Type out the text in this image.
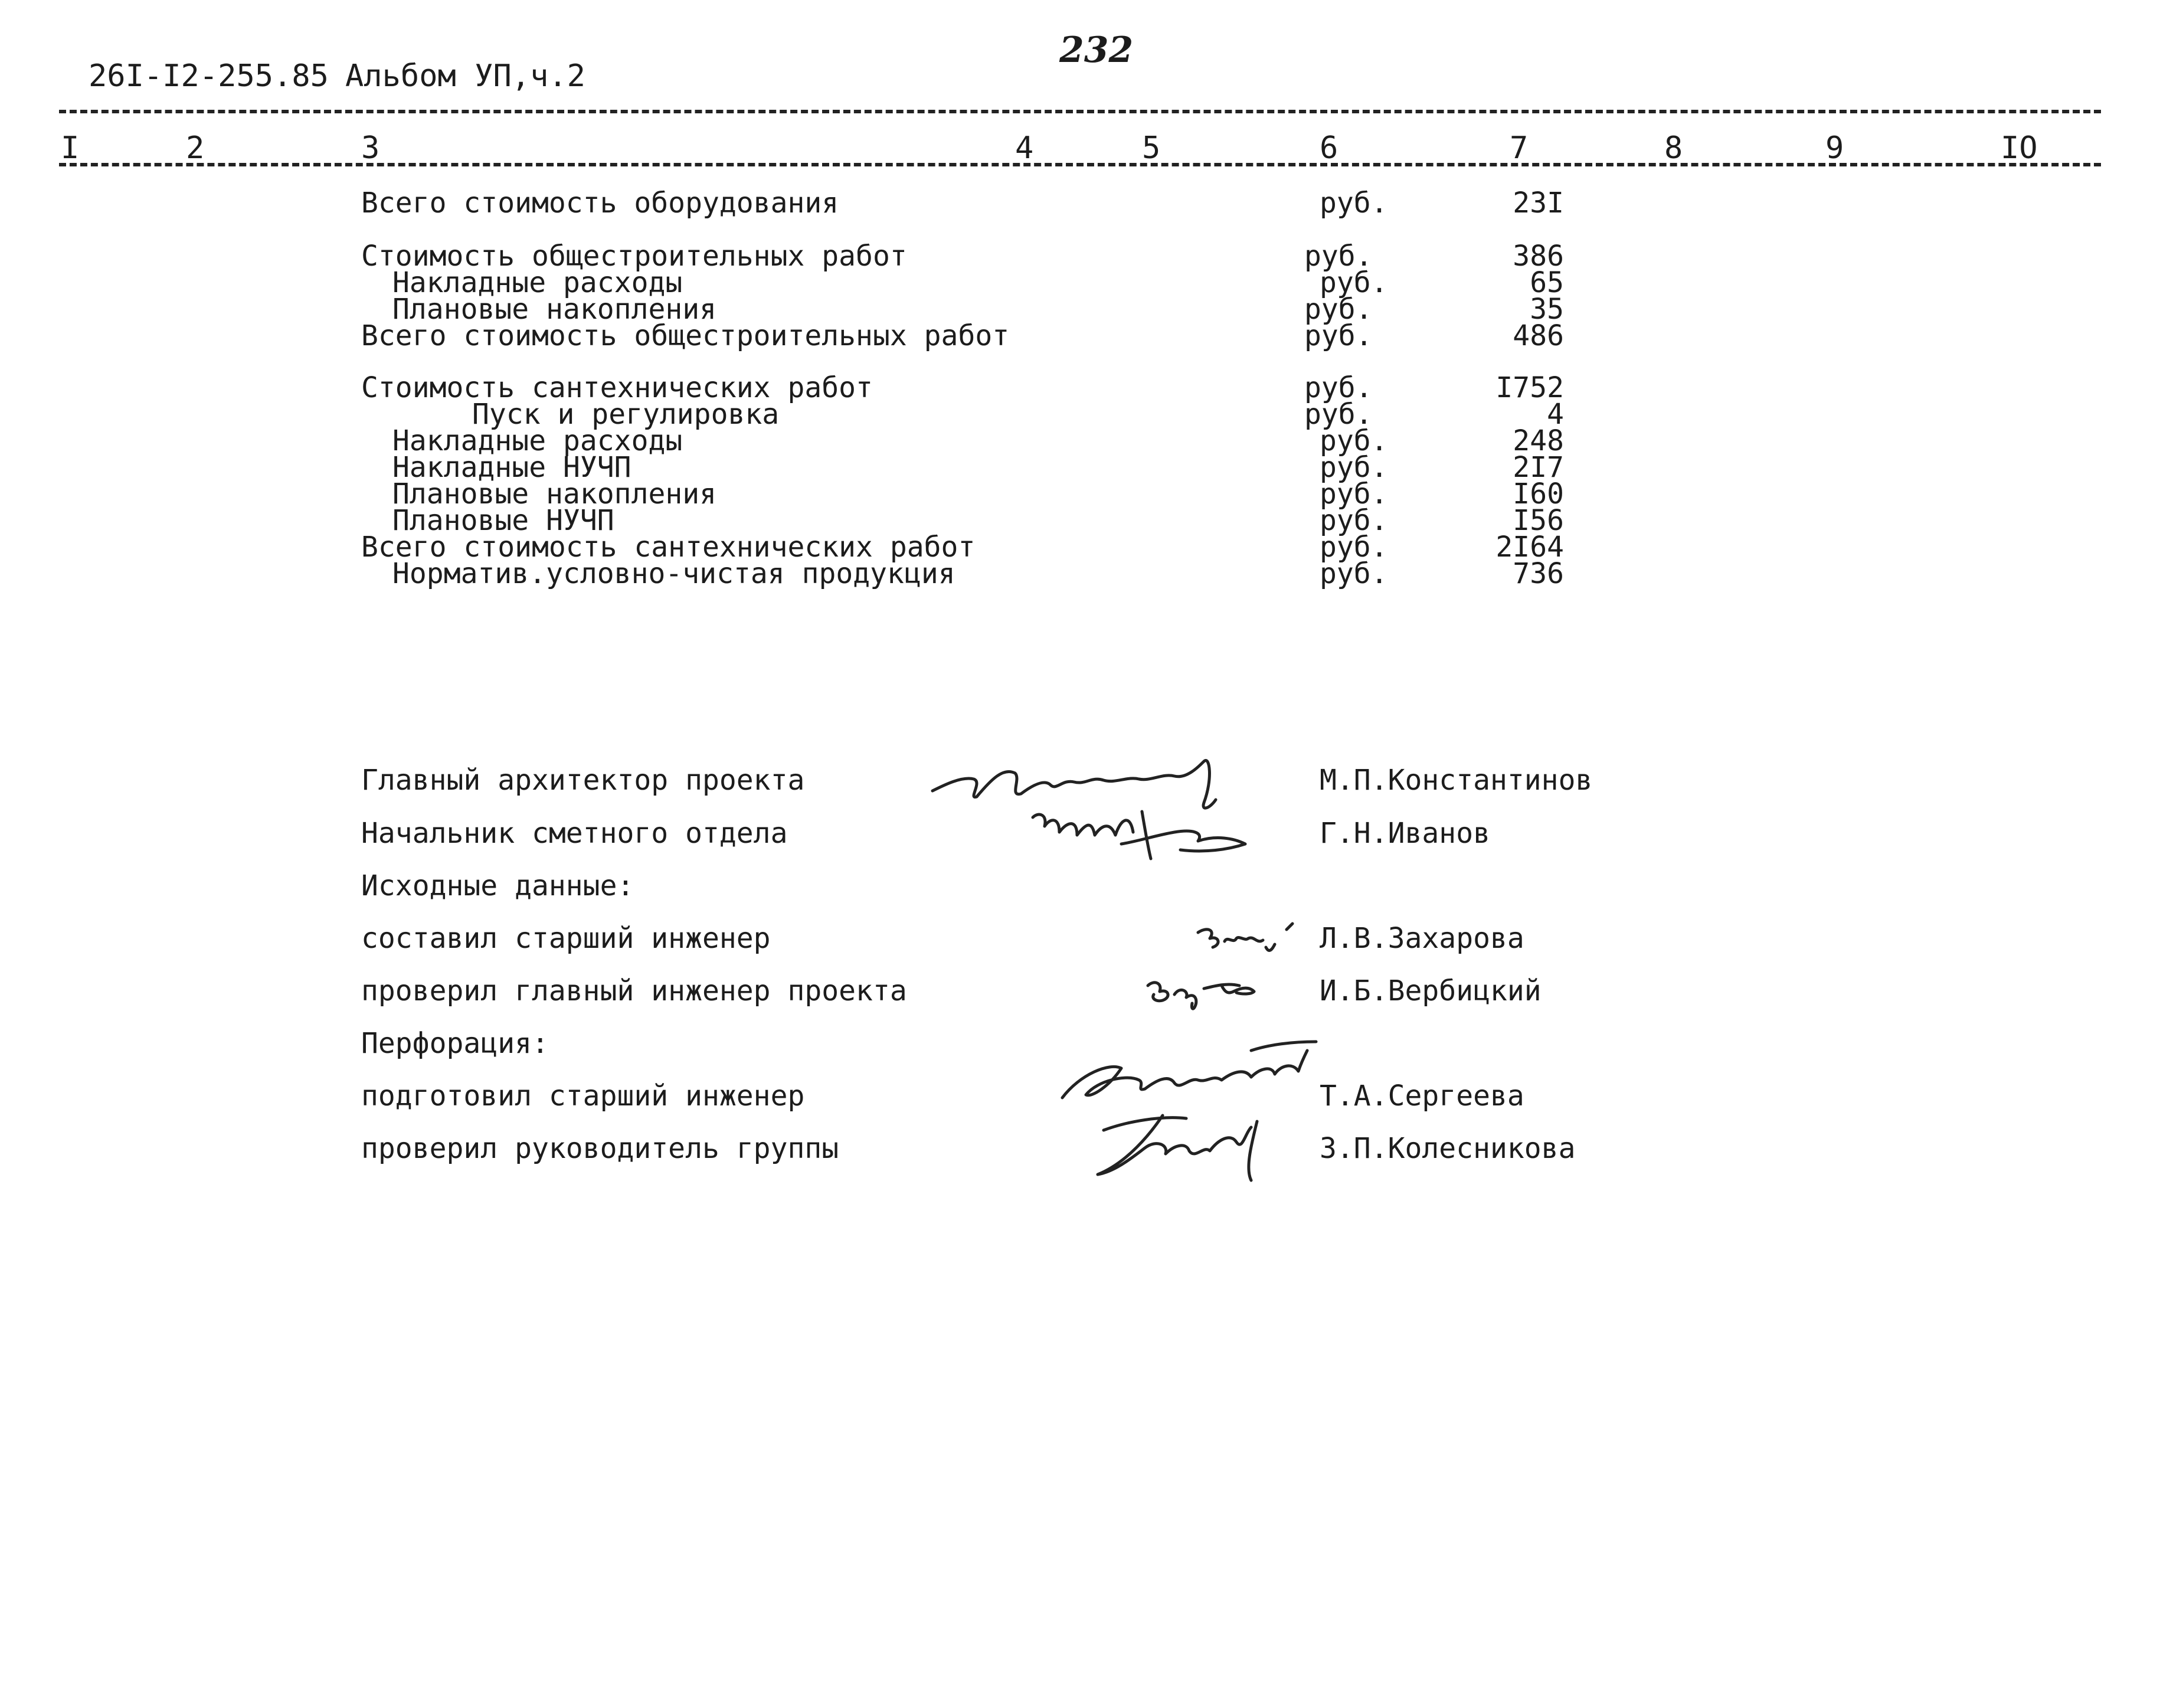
26I-I2-255.85 Альбом УП,ч.2
232
I	2	3	4	5	6	7	8	9	IO
Всего стоимость оборудования	руб.	23I
Стоимость общестроительных работ	руб.	386
Накладные расходы	руб.	65
Плановые накопления	руб.	35
Всего стоимость общестроительных работ	руб.	486
Стоимость сантехнических работ	руб.	I752
Пуск и регулировка	руб.	4
Накладные расходы	руб.	248
Накладные НУЧП	руб.	2I7
Плановые накопления	руб.	I60
Плановые НУЧП	руб.	I56
Всего стоимость сантехнических работ	руб.	2I64
Норматив.условно-чистая продукция	руб.	736
Главный архитектор проекта	М.П.Константинов
Начальник сметного отдела	Г.Н.Иванов
Исходные данные:
составил старший инженер	Л.В.Захарова
проверил главный инженер проекта	И.Б.Вербицкий
Перфорация:
подготовил старший инженер	Т.А.Сергеева
проверил руководитель группы	З.П.Колесникова
